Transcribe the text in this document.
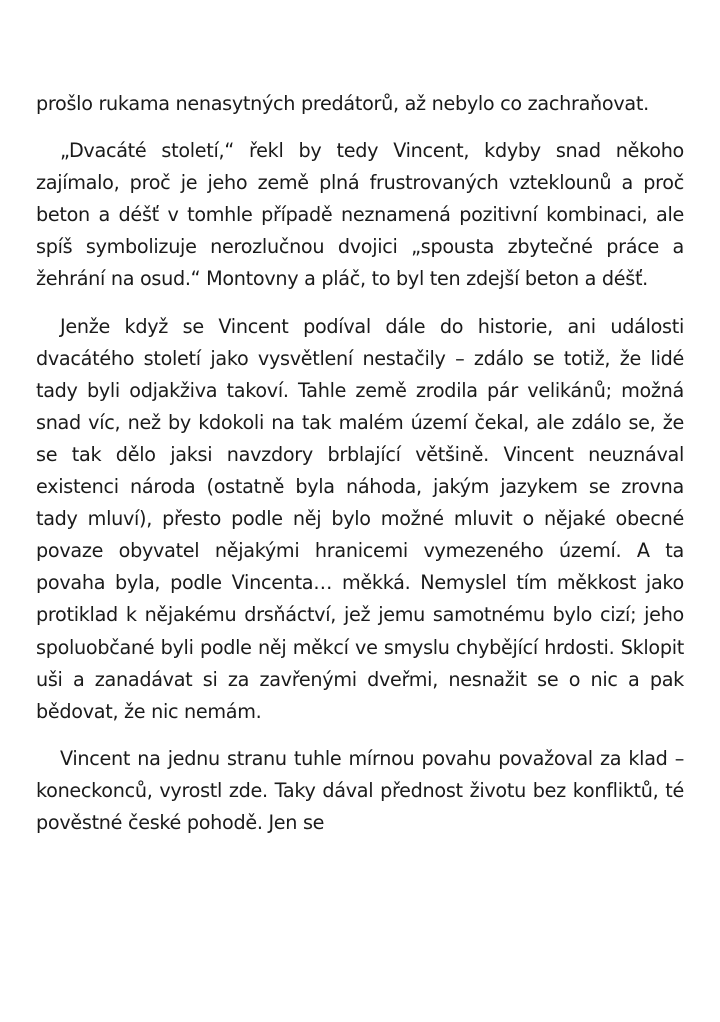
prošlo rukama nenasytných predátorů, až nebylo co zachraňovat.

„Dvacáté století,“ řekl by tedy Vincent, kdyby snad někoho zajímalo, proč je jeho země plná frustrovaných vzteklounů a proč beton a déšť v tomhle případě neznamená pozitivní kombinaci, ale spíš symbolizuje nerozlučnou dvojici „spousta zbytečné práce a žehrání na osud.“ Montovny a pláč, to byl ten zdejší beton a déšť.

Jenže když se Vincent podíval dále do historie, ani události dvacátého století jako vysvětlení nestačily – zdálo se totiž, že lidé tady byli odjakživa takoví. Tahle země zrodila pár velikánů; možná snad víc, než by kdokoli na tak malém území čekal, ale zdálo se, že se tak dělo jaksi navzdory brblající většině. Vincent neuznával existenci národa (ostatně byla náhoda, jakým jazykem se zrovna tady mluví), přesto podle něj bylo možné mluvit o nějaké obecné povaze obyvatel nějakými hranicemi vymezeného území. A ta povaha byla, podle Vincenta… měkká. Nemyslel tím měkkost jako protiklad k nějakému drsňáctví, jež jemu samotnému bylo cizí; jeho spoluobčané byli podle něj měkcí ve smyslu chybějící hrdosti. Sklopit uši a zanadávat si za zavřenými dveřmi, nesnažit se o nic a pak bědovat, že nic nemám.

Vincent na jednu stranu tuhle mírnou povahu považoval za klad – koneckonců, vyrostl zde. Taky dával přednost životu bez konfliktů, té pověstné české pohodě. Jen se
